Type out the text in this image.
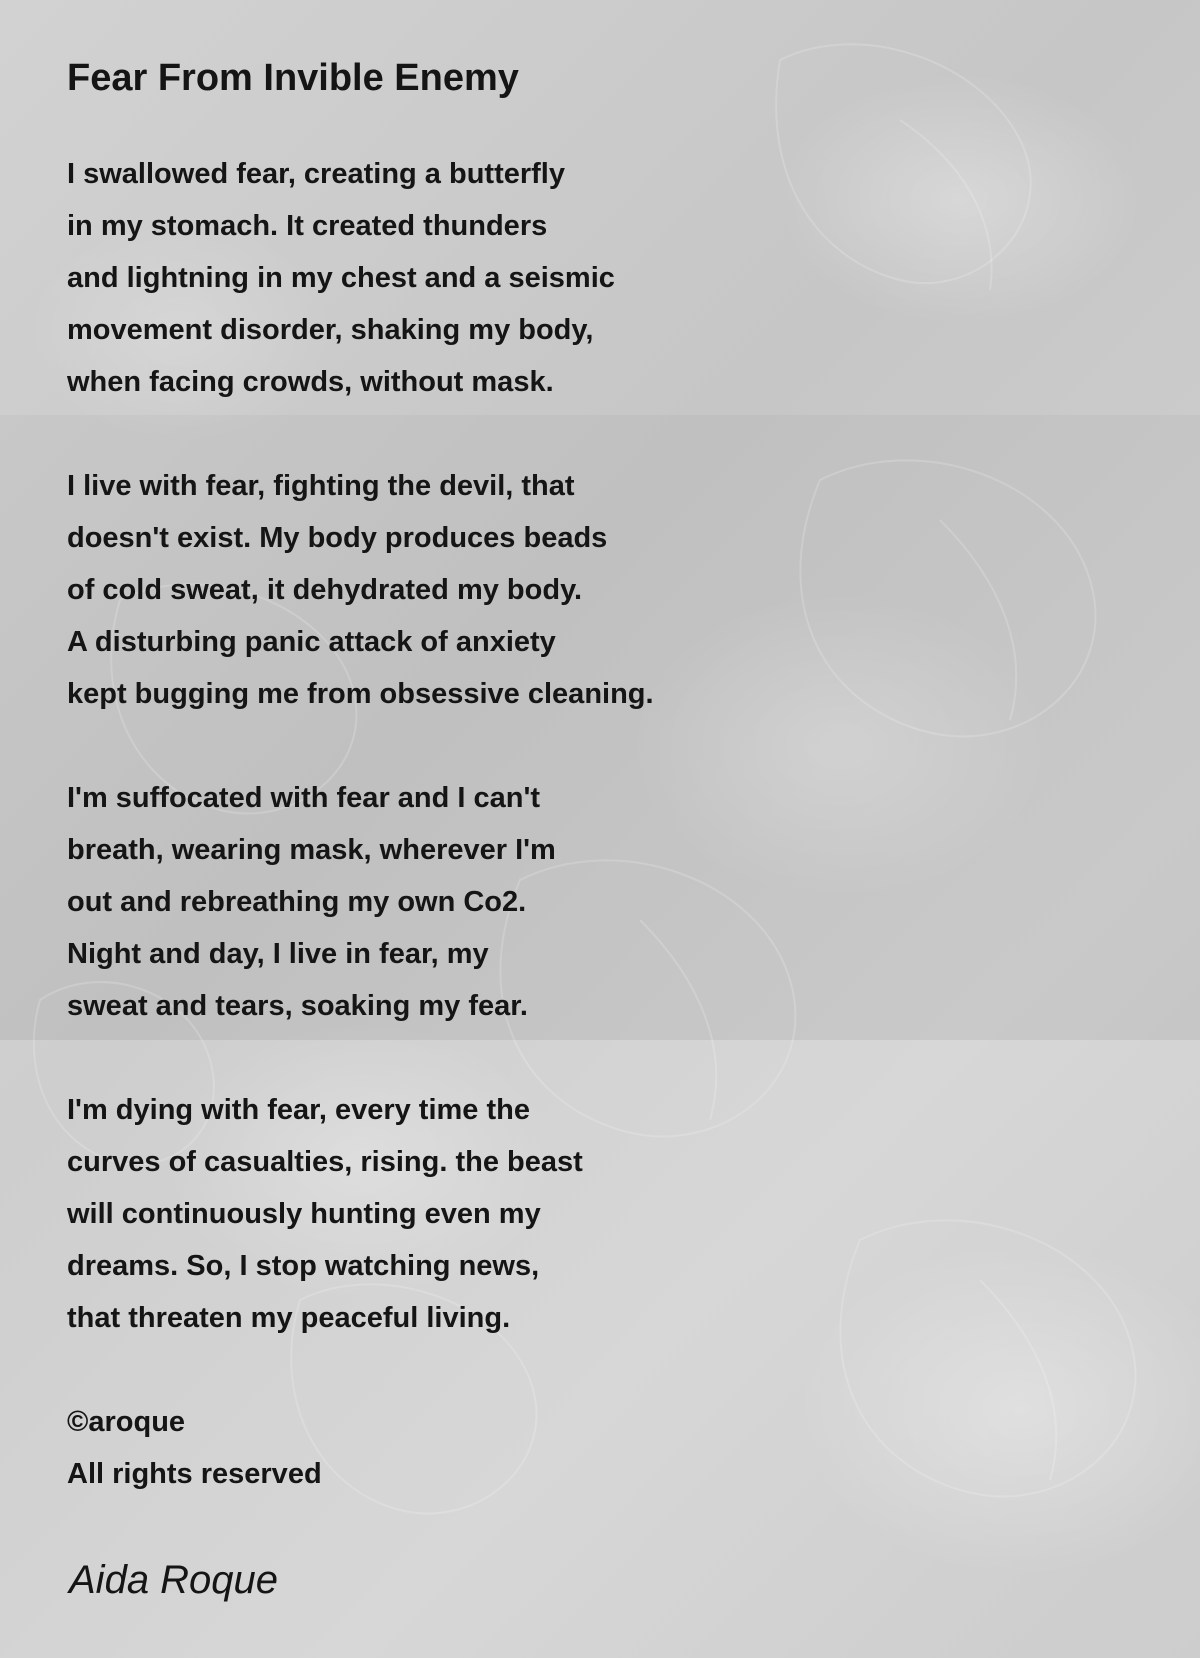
Fear From Invible Enemy
I swallowed fear, creating a butterfly
in my stomach. It created thunders
and lightning in my chest and a seismic
movement disorder, shaking my body,
when facing crowds, without mask.
I live with fear, fighting the devil, that
doesn't exist. My body produces beads
of cold sweat, it dehydrated my body.
A disturbing panic attack of anxiety
kept bugging me from obsessive cleaning.
I'm suffocated with fear and I can't
breath, wearing mask, wherever I'm
out and rebreathing my own Co2.
Night and day, I live in fear, my
sweat and tears, soaking my fear.
I'm dying with fear, every time the
curves of casualties, rising. the beast
will continuously hunting even my
dreams. So, I stop watching news,
that threaten my peaceful living.
©aroque
All rights reserved
Aida Roque
